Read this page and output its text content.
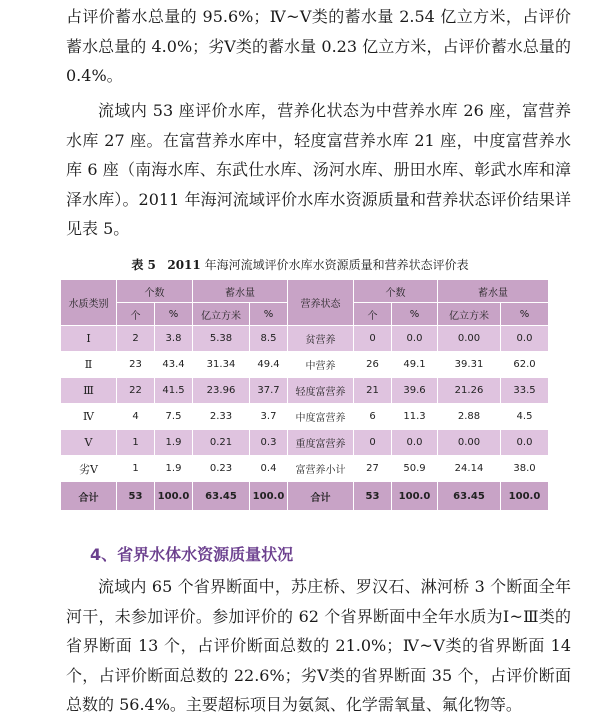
占评价蓄水总量的 95.6%；Ⅳ~Ⅴ类的蓄水量 2.54 亿立方米，占评价蓄水总量的 4.0%；劣Ⅴ类的蓄水量 0.23 亿立方米，占评价蓄水总量的 0.4%。

流域内 53 座评价水库，营养化状态为中营养水库 26 座，富营养水库 27 座。在富营养水库中，轻度富营养水库 21 座，中度富营养水库 6 座（南海水库、东武仕水库、汤河水库、册田水库、彰武水库和漳泽水库）。2011 年海河流域评价水库水资源质量和营养状态评价结果详见表 5。

表 5 2011 年海河流域评价水库水资源质量和营养状态评价表

水质类别	个数		蓄水量		营养状态	个数		蓄水量	
	个	%	亿立方米	%		个	%	亿立方米	%
Ⅰ	2	3.8	5.38	8.5	贫营养	0	0.0	0.00	0.0
Ⅱ	23	43.4	31.34	49.4	中营养	26	49.1	39.31	62.0
Ⅲ	22	41.5	23.96	37.7	轻度富营养	21	39.6	21.26	33.5
Ⅳ	4	7.5	2.33	3.7	中度富营养	6	11.3	2.88	4.5
Ⅴ	1	1.9	0.21	0.3	重度富营养	0	0.0	0.00	0.0
劣Ⅴ	1	1.9	0.23	0.4	富营养小计	27	50.9	24.14	38.0
合计	53	100.0	63.45	100.0	合计	53	100.0	63.45	100.0
4、省界水体水资源质量状况

流域内 65 个省界断面中，苏庄桥、罗汉石、淋河桥 3 个断面全年河干，未参加评价。参加评价的 62 个省界断面中全年水质为Ⅰ~Ⅲ类的省界断面 13 个，占评价断面总数的 21.0%；Ⅳ~Ⅴ类的省界断面 14 个，占评价断面总数的 22.6%；劣Ⅴ类的省界断面 35 个，占评价断面总数的 56.4%。主要超标项目为氨氮、化学需氧量、氟化物等。
